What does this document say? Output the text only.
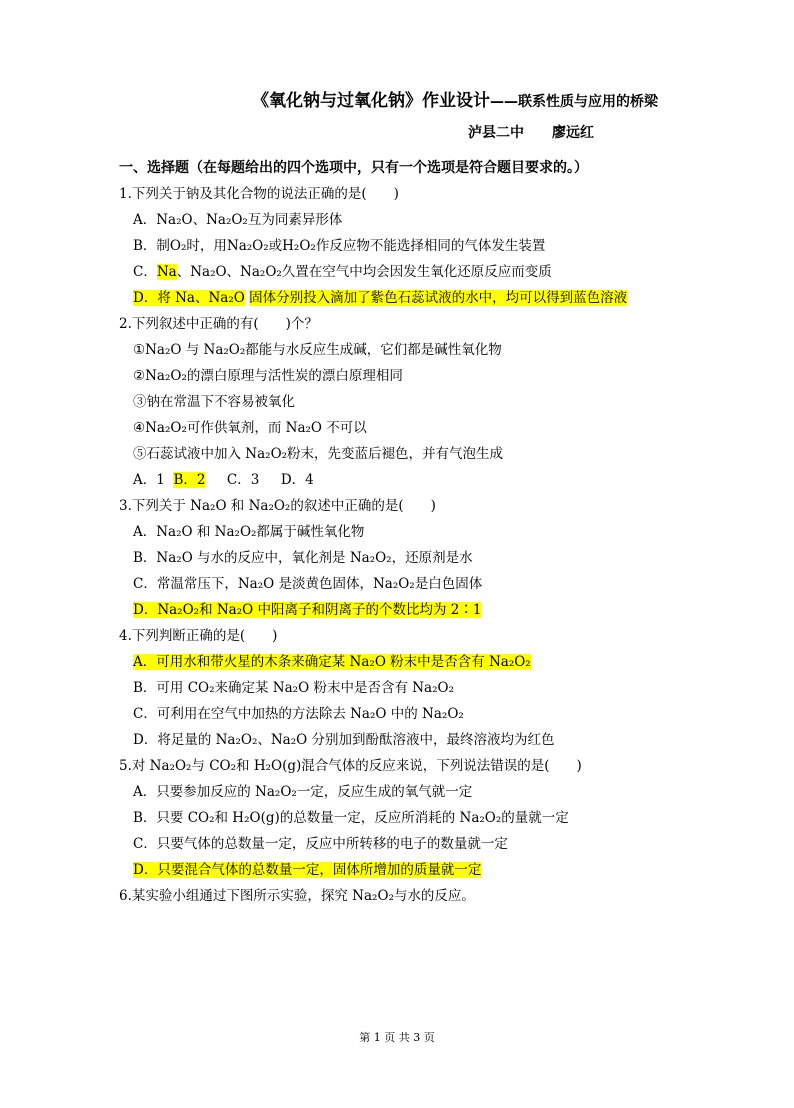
《氧化钠与过氧化钠》作业设计——联系性质与应用的桥梁
泸县二中 廖远红
一、选择题（在每题给出的四个选项中，只有一个选项是符合题目要求的。）
1.下列关于钠及其化合物的说法正确的是(　　)
A．Na₂O、Na₂O₂互为同素异形体
B．制O₂时，用Na₂O₂或H₂O₂作反应物不能选择相同的气体发生装置
C．Na、Na₂O、Na₂O₂久置在空气中均会因发生氧化还原反应而变质
D．将 Na、Na₂O 固体分别投入滴加了紫色石蕊试液的水中，均可以得到蓝色溶液
2.下列叙述中正确的有(　　)个？
①Na₂O 与 Na₂O₂都能与水反应生成碱，它们都是碱性氧化物
②Na₂O₂的漂白原理与活性炭的漂白原理相同
③钠在常温下不容易被氧化
④Na₂O₂可作供氧剂，而 Na₂O 不可以
⑤石蕊试液中加入 Na₂O₂粉末，先变蓝后褪色，并有气泡生成
A．1 B．2 C．3 D．4
3.下列关于 Na₂O 和 Na₂O₂的叙述中正确的是(　　)
A．Na₂O 和 Na₂O₂都属于碱性氧化物
B．Na₂O 与水的反应中，氧化剂是 Na₂O₂，还原剂是水
C．常温常压下，Na₂O 是淡黄色固体，Na₂O₂是白色固体
D．Na₂O₂和 Na₂O 中阳离子和阴离子的个数比均为 2∶1
4.下列判断正确的是(　　)
A．可用水和带火星的木条来确定某 Na₂O 粉末中是否含有 Na₂O₂
B．可用 CO₂来确定某 Na₂O 粉末中是否含有 Na₂O₂
C．可利用在空气中加热的方法除去 Na₂O 中的 Na₂O₂
D．将足量的 Na₂O₂、Na₂O 分别加到酚酞溶液中，最终溶液均为红色
5.对 Na₂O₂与 CO₂和 H₂O(g)混合气体的反应来说，下列说法错误的是(　　)
A．只要参加反应的 Na₂O₂一定，反应生成的氧气就一定
B．只要 CO₂和 H₂O(g)的总数量一定，反应所消耗的 Na₂O₂的量就一定
C．只要气体的总数量一定，反应中所转移的电子的数量就一定
D．只要混合气体的总数量一定，固体所增加的质量就一定
6.某实验小组通过下图所示实验，探究 Na₂O₂与水的反应。
第 1 页 共 3 页
